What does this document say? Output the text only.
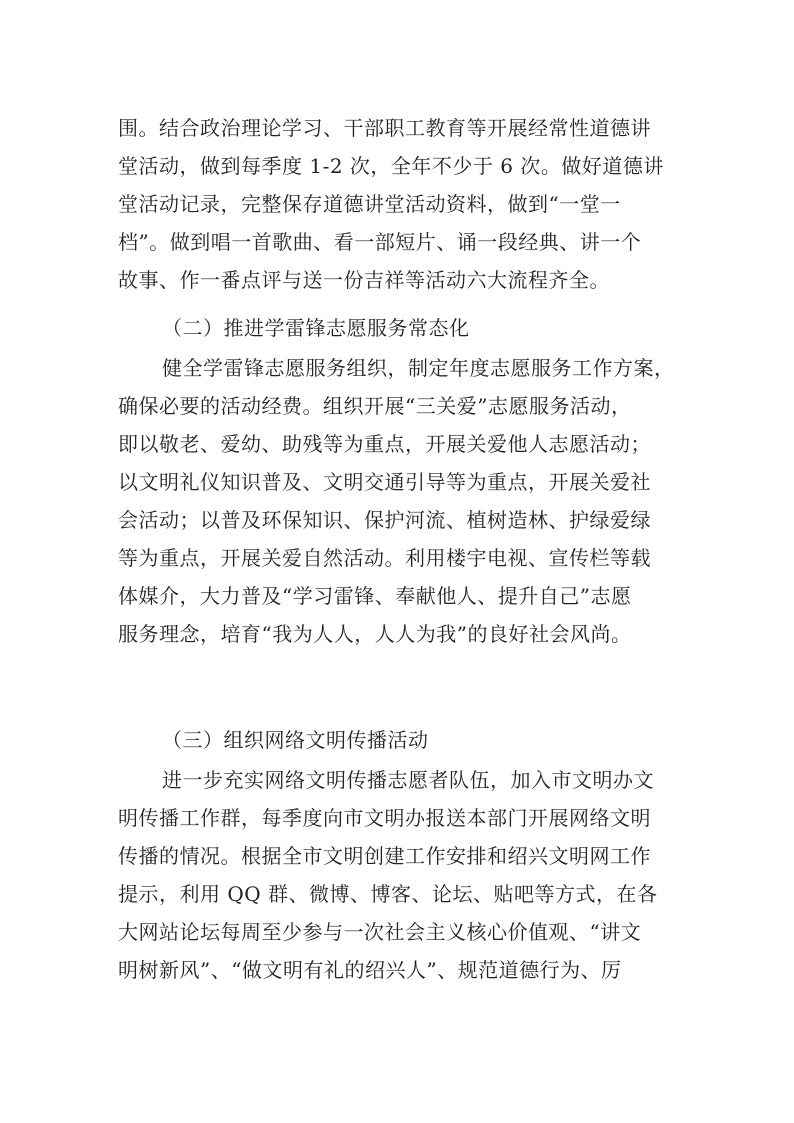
围。结合政治理论学习、干部职工教育等开展经常性道德讲
堂活动，做到每季度 1-2 次，全年不少于 6 次。做好道德讲
堂活动记录，完整保存道德讲堂活动资料，做到“一堂一
档”。做到唱一首歌曲、看一部短片、诵一段经典、讲一个
故事、作一番点评与送一份吉祥等活动六大流程齐全。
（二）推进学雷锋志愿服务常态化
健全学雷锋志愿服务组织，制定年度志愿服务工作方案，
确保必要的活动经费。组织开展“三关爱”志愿服务活动，
即以敬老、爱幼、助残等为重点，开展关爱他人志愿活动；
以文明礼仪知识普及、文明交通引导等为重点，开展关爱社
会活动；以普及环保知识、保护河流、植树造林、护绿爱绿
等为重点，开展关爱自然活动。利用楼宇电视、宣传栏等载
体媒介，大力普及“学习雷锋、奉献他人、提升自己”志愿
服务理念，培育“我为人人，人人为我”的良好社会风尚。
（三）组织网络文明传播活动
进一步充实网络文明传播志愿者队伍，加入市文明办文
明传播工作群，每季度向市文明办报送本部门开展网络文明
传播的情况。根据全市文明创建工作安排和绍兴文明网工作
提示，利用 QQ 群、微博、博客、论坛、贴吧等方式，在各
大网站论坛每周至少参与一次社会主义核心价值观、“讲文
明树新风”、“做文明有礼的绍兴人”、规范道德行为、厉
